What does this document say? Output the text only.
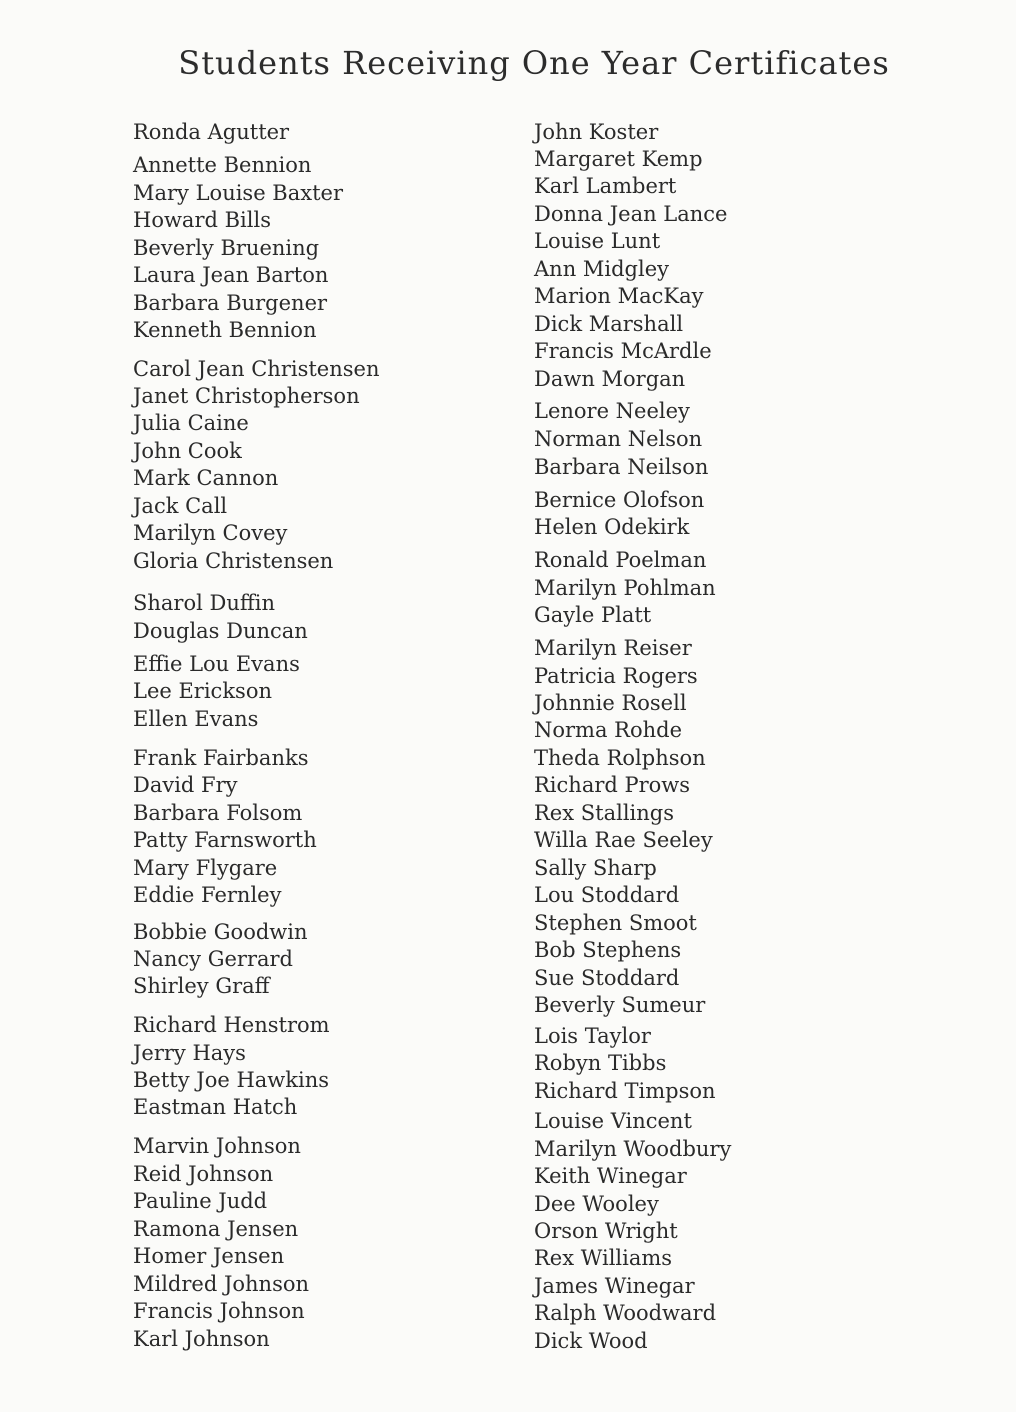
Students Receiving One Year Certificates
Ronda Agutter
Annette Bennion
Mary Louise Baxter
Howard Bills
Beverly Bruening
Laura Jean Barton
Barbara Burgener
Kenneth Bennion
Carol Jean Christensen
Janet Christopherson
Julia Caine
John Cook
Mark Cannon
Jack Call
Marilyn Covey
Gloria Christensen
Sharol Duffin
Douglas Duncan
Effie Lou Evans
Lee Erickson
Ellen Evans
Frank Fairbanks
David Fry
Barbara Folsom
Patty Farnsworth
Mary Flygare
Eddie Fernley
Bobbie Goodwin
Nancy Gerrard
Shirley Graff
Richard Henstrom
Jerry Hays
Betty Joe Hawkins
Eastman Hatch
Marvin Johnson
Reid Johnson
Pauline Judd
Ramona Jensen
Homer Jensen
Mildred Johnson
Francis Johnson
Karl Johnson
John Koster
Margaret Kemp
Karl Lambert
Donna Jean Lance
Louise Lunt
Ann Midgley
Marion MacKay
Dick Marshall
Francis McArdle
Dawn Morgan
Lenore Neeley
Norman Nelson
Barbara Neilson
Bernice Olofson
Helen Odekirk
Ronald Poelman
Marilyn Pohlman
Gayle Platt
Marilyn Reiser
Patricia Rogers
Johnnie Rosell
Norma Rohde
Theda Rolphson
Richard Prows
Rex Stallings
Willa Rae Seeley
Sally Sharp
Lou Stoddard
Stephen Smoot
Bob Stephens
Sue Stoddard
Beverly Sumeur
Lois Taylor
Robyn Tibbs
Richard Timpson
Louise Vincent
Marilyn Woodbury
Keith Winegar
Dee Wooley
Orson Wright
Rex Williams
James Winegar
Ralph Woodward
Dick Wood
